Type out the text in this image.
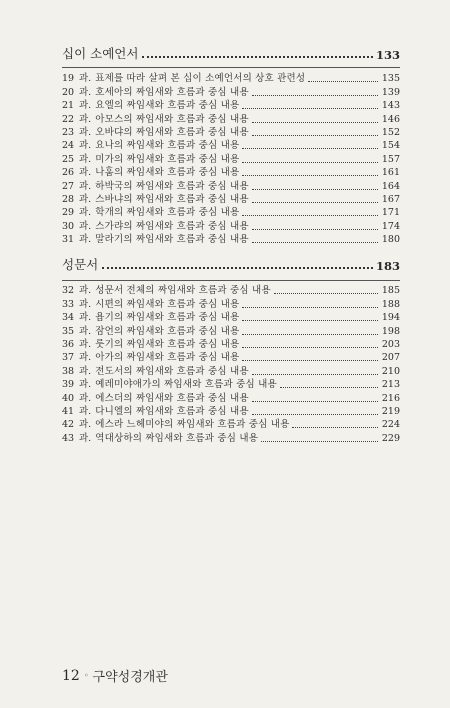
십이 소예언서	133
19 과. 표제를 따라 살펴 본 십이 소예언서의 상호 관련성	135
20 과. 호세아의 짜임새와 흐름과 중심 내용	139
21 과. 요엘의 짜임새와 흐름과 중심 내용	143
22 과. 아모스의 짜임새와 흐름과 중심 내용	146
23 과. 오바댜의 짜임새와 흐름과 중심 내용	152
24 과. 요나의 짜임새와 흐름과 중심 내용	154
25 과. 미가의 짜임새와 흐름과 중심 내용	157
26 과. 나훔의 짜임새와 흐름과 중심 내용	161
27 과. 하박국의 짜임새와 흐름과 중심 내용	164
28 과. 스바냐의 짜임새와 흐름과 중심 내용	167
29 과. 학개의 짜임새와 흐름과 중심 내용	171
30 과. 스가랴의 짜임새와 흐름과 중심 내용	174
31 과. 말라기의 짜임새와 흐름과 중심 내용	180
성문서	183
32 과. 성문서 전체의 짜임새와 흐름과 중심 내용	185
33 과. 시편의 짜임새와 흐름과 중심 내용	188
34 과. 욥기의 짜임새와 흐름과 중심 내용	194
35 과. 잠언의 짜임새와 흐름과 중심 내용	198
36 과. 룻기의 짜임새와 흐름과 중심 내용	203
37 과. 아가의 짜임새와 흐름과 중심 내용	207
38 과. 전도서의 짜임새와 흐름과 중심 내용	210
39 과. 예레미야애가의 짜임새와 흐름과 중심 내용	213
40 과. 에스더의 짜임새와 흐름과 중심 내용	216
41 과. 다니엘의 짜임새와 흐름과 중심 내용	219
42 과. 에스라 느헤미야의 짜임새와 흐름과 중심 내용	224
43 과. 역대상하의 짜임새와 흐름과 중심 내용	229
12 ◦ 구약성경개관
